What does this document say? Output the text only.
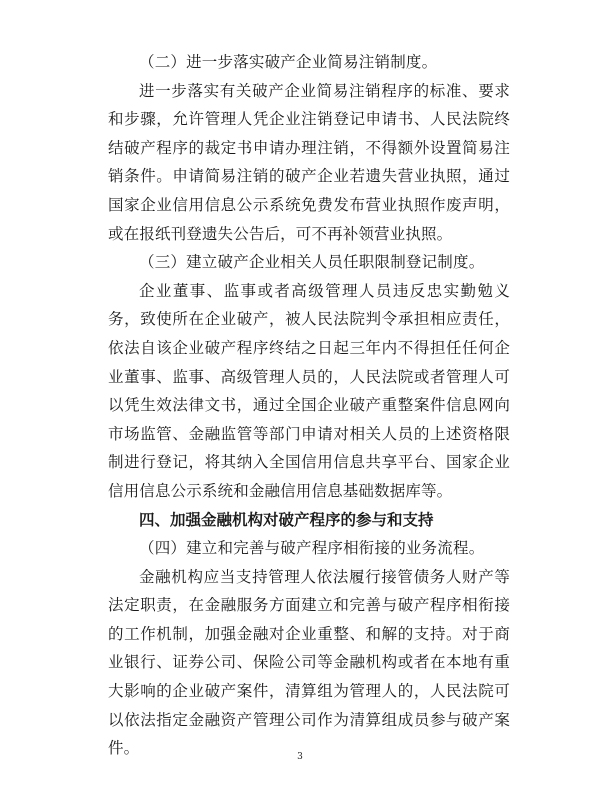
（二）进一步落实破产企业简易注销制度。

进一步落实有关破产企业简易注销程序的标准、要求和步骤，允许管理人凭企业注销登记申请书、人民法院终结破产程序的裁定书申请办理注销，不得额外设置简易注销条件。申请简易注销的破产企业若遗失营业执照，通过国家企业信用信息公示系统免费发布营业执照作废声明，或在报纸刊登遗失公告后，可不再补领营业执照。

（三）建立破产企业相关人员任职限制登记制度。

企业董事、监事或者高级管理人员违反忠实勤勉义务，致使所在企业破产，被人民法院判令承担相应责任，依法自该企业破产程序终结之日起三年内不得担任任何企业董事、监事、高级管理人员的，人民法院或者管理人可以凭生效法律文书，通过全国企业破产重整案件信息网向市场监管、金融监管等部门申请对相关人员的上述资格限制进行登记，将其纳入全国信用信息共享平台、国家企业信用信息公示系统和金融信用信息基础数据库等。

四、加强金融机构对破产程序的参与和支持

（四）建立和完善与破产程序相衔接的业务流程。

金融机构应当支持管理人依法履行接管债务人财产等法定职责，在金融服务方面建立和完善与破产程序相衔接的工作机制，加强金融对企业重整、和解的支持。对于商业银行、证券公司、保险公司等金融机构或者在本地有重大影响的企业破产案件，清算组为管理人的，人民法院可以依法指定金融资产管理公司作为清算组成员参与破产案件。	3
